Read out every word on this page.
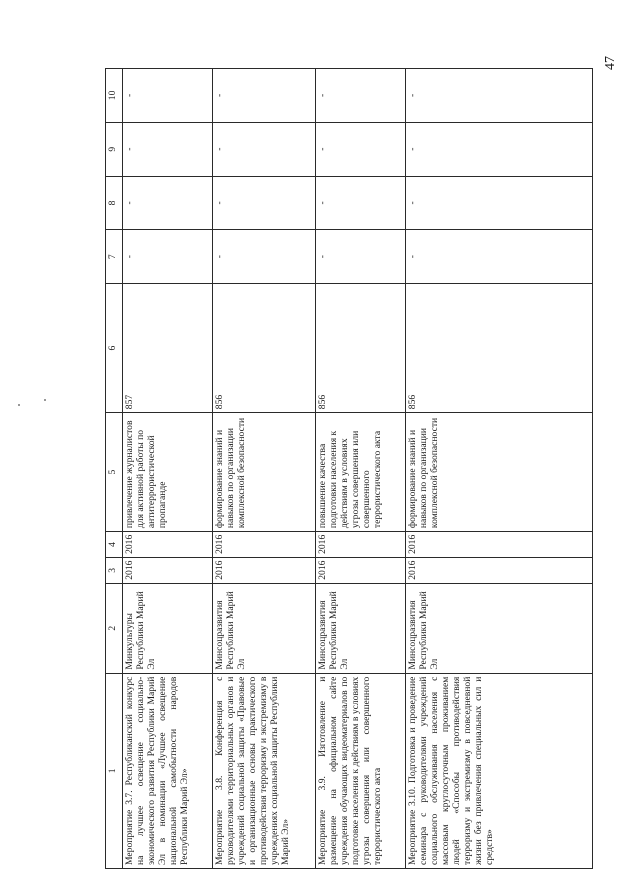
47
1	2	3	4	5	6	7	8	9	10
Мероприятие 3.7. Республиканский конкурс на лучшее освещение социально-экономического развития Республики Марий Эл в номинации «Лучшее освещение национальной самобытности народов Республики Марий Эл»	Минкультуры Республики Марий Эл	2016	2016	привлечение журналистов для активной работы по антитеррористической пропаганде	857	-	-	-	-
Мероприятие 3.8. Конференция с руководителями территориальных органов и учреждений социальной защиты «Правовые и организационные основы практического противодействия терроризму и экстремизму в учреждениях социальной защиты Республики Марий Эл»	Минсоцразвития Республики Марий Эл	2016	2016	формирование знаний и навыков по организации комплексной безопасности	856	-	-	-	-
Мероприятие 3.9. Изготовление и размещение на официальном сайте учреждения обучающих видеоматериалов по подготовке населения к действиям в условиях угрозы совершения или совершенного террористического акта	Минсоцразвития Республики Марий Эл	2016	2016	повышение качества подготовки населения к действиям в условиях угрозы совершения или совершенного террористического акта	856	-	-	-	-
Мероприятие 3.10. Подготовка и проведение семинара с руководителями учреждений социального обслуживания населения с массовым круглосуточным проживанием людей «Способы противодействия терроризму и экстремизму в повседневной жизни без привлечения специальных сил и средств»	Минсоцразвития Республики Марий Эл	2016	2016	формирование знаний и навыков по организации комплексной безопасности	856	-	-	-	-
